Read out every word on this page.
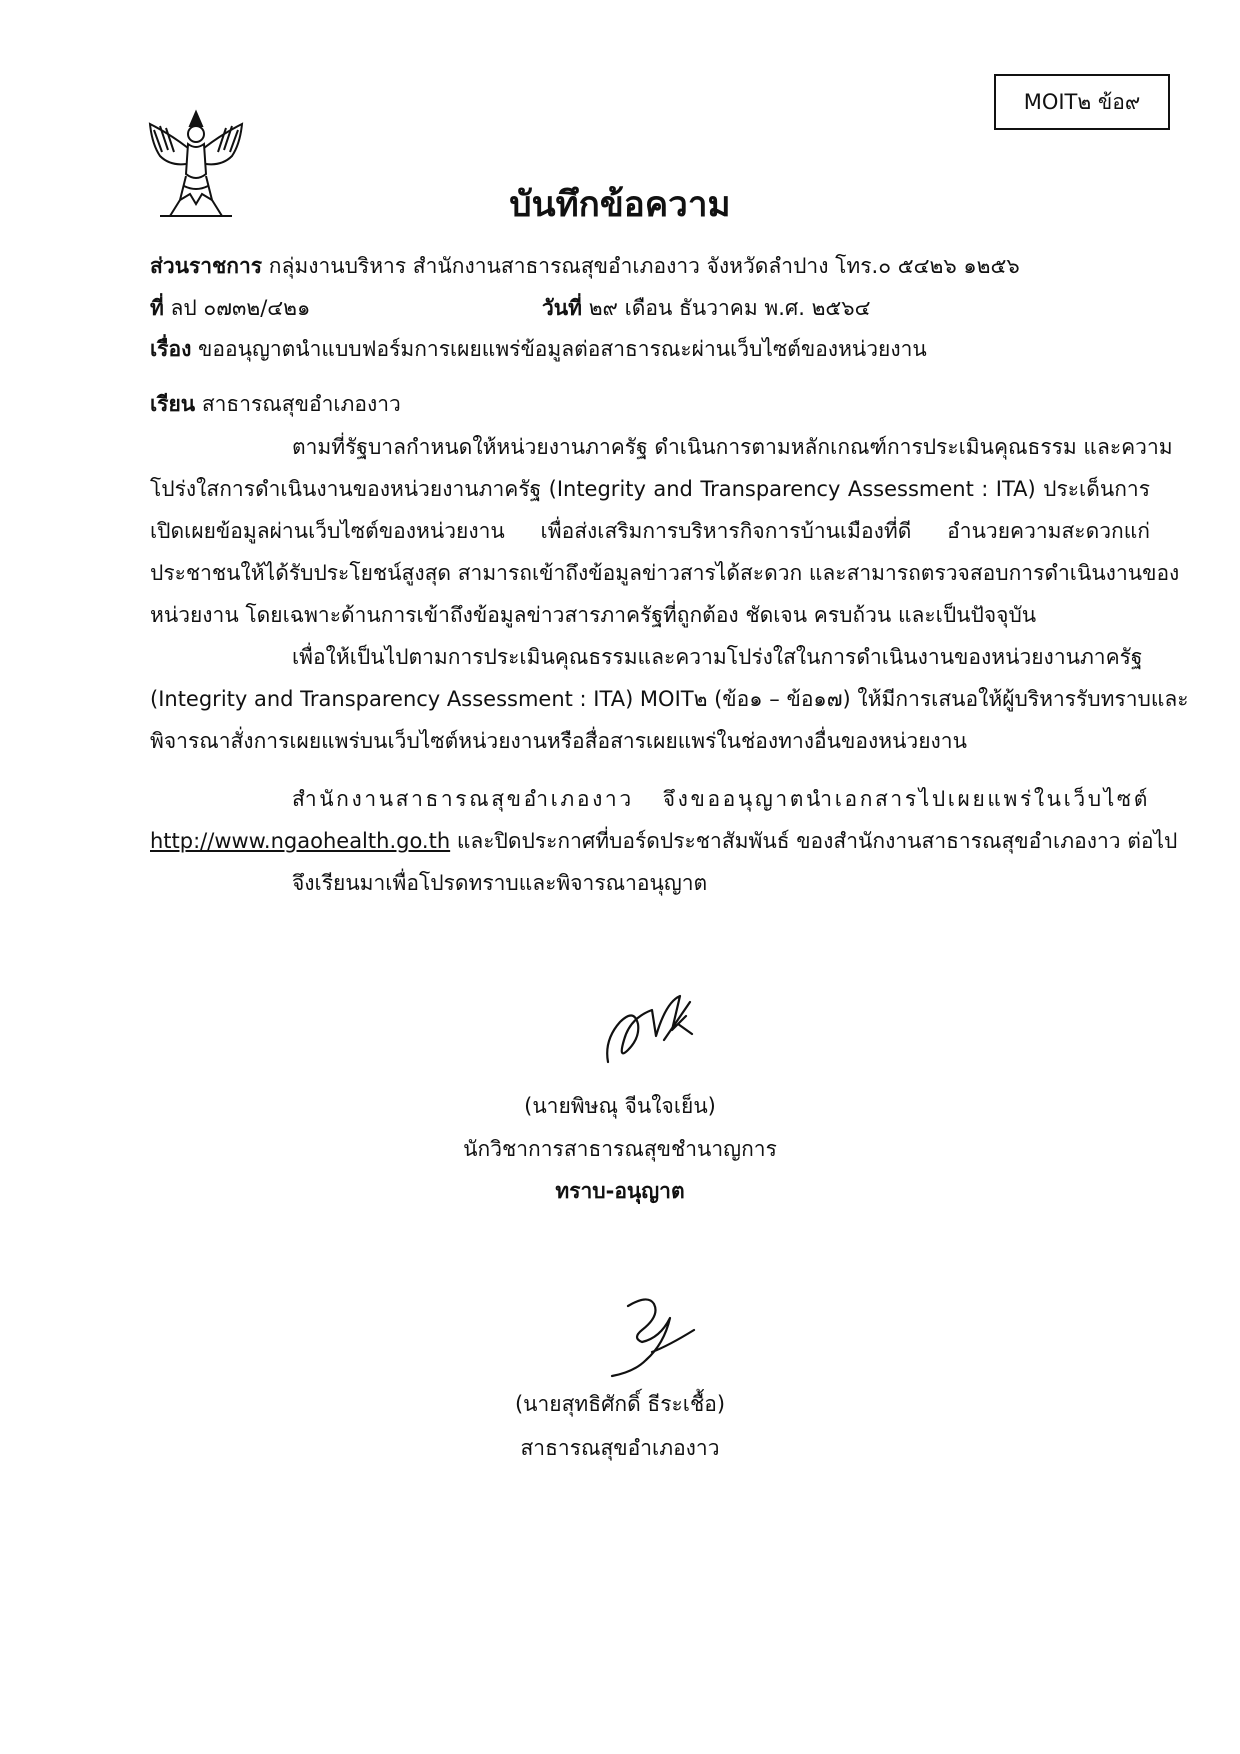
MOIT๒ ข้อ๙
บันทึกข้อความ
ส่วนราชการ กลุ่มงานบริหาร สำนักงานสาธารณสุขอำเภองาว จังหวัดลำปาง โทร.๐ ๕๔๒๖ ๑๒๕๖
ที่ ลป ๐๗๓๒/๔๒๑	วันที่ ๒๙ เดือน ธันวาคม พ.ศ. ๒๕๖๔
เรื่อง ขออนุญาตนำแบบฟอร์มการเผยแพร่ข้อมูลต่อสาธารณะผ่านเว็บไซต์ของหน่วยงาน
เรียน สาธารณสุขอำเภองาว
ตามที่รัฐบาลกำหนดให้หน่วยงานภาครัฐ ดำเนินการตามหลักเกณฑ์การประเมินคุณธรรม และความ
โปร่งใสการดำเนินงานของหน่วยงานภาครัฐ (Integrity and Transparency Assessment : ITA) ประเด็นการ
เปิดเผยข้อมูลผ่านเว็บไซต์ของหน่วยงาน เพื่อส่งเสริมการบริหารกิจการบ้านเมืองที่ดี อำนวยความสะดวกแก่
ประชาชนให้ได้รับประโยชน์สูงสุด สามารถเข้าถึงข้อมูลข่าวสารได้สะดวก และสามารถตรวจสอบการดำเนินงานของ
หน่วยงาน โดยเฉพาะด้านการเข้าถึงข้อมูลข่าวสารภาครัฐที่ถูกต้อง ชัดเจน ครบถ้วน และเป็นปัจจุบัน
เพื่อให้เป็นไปตามการประเมินคุณธรรมและความโปร่งใสในการดำเนินงานของหน่วยงานภาครัฐ
(Integrity and Transparency Assessment : ITA) MOIT๒ (ข้อ๑ – ข้อ๑๗) ให้มีการเสนอให้ผู้บริหารรับทราบและ
พิจารณาสั่งการเผยแพร่บนเว็บไซต์หน่วยงานหรือสื่อสารเผยแพร่ในช่องทางอื่นของหน่วยงาน
สำนักงานสาธารณสุขอำเภองาว จึงขออนุญาตนำเอกสารไปเผยแพร่ในเว็บไซต์
http://www.ngaohealth.go.th และปิดประกาศที่บอร์ดประชาสัมพันธ์ ของสำนักงานสาธารณสุขอำเภองาว ต่อไป
จึงเรียนมาเพื่อโปรดทราบและพิจารณาอนุญาต
(นายพิษณุ จีนใจเย็น)
นักวิชาการสาธารณสุขชำนาญการ
ทราบ-อนุญาต
(นายสุทธิศักดิ์ ธีระเชื้อ)
สาธารณสุขอำเภองาว
